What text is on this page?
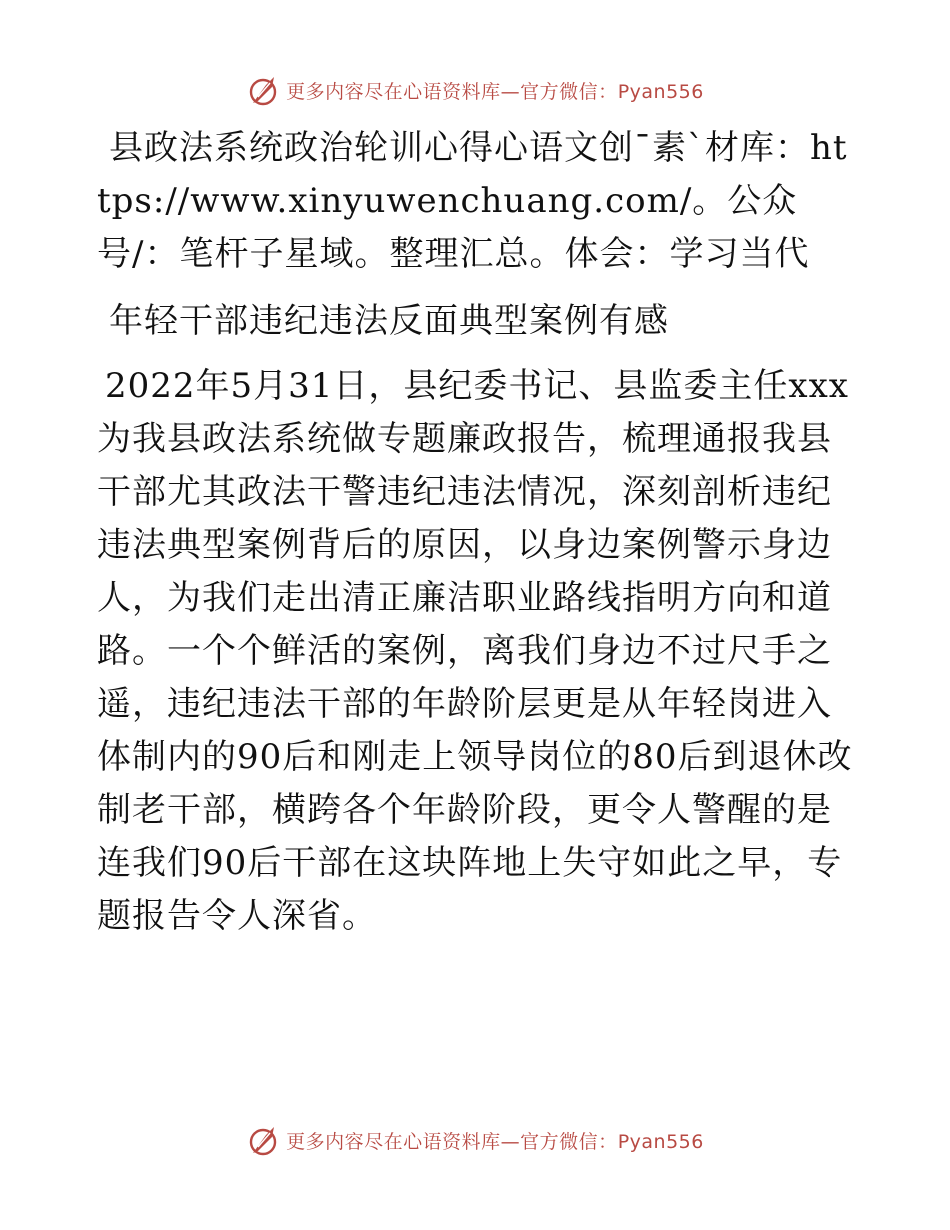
更多内容尽在心语资料库—官方微信：Pyan556

县政法系统政治轮训心得心语文创¯素`材库：https://www.xinyuwenchuang.com/。公众号/：笔杆子星域。整理汇总。体会：学习当代

年轻干部违纪违法反面典型案例有感

2022年5月31日，县纪委书记、县监委主任xxx为我县政法系统做专题廉政报告，梳理通报我县干部尤其政法干警违纪违法情况，深刻剖析违纪违法典型案例背后的原因，以身边案例警示身边人，为我们走出清正廉洁职业路线指明方向和道路。一个个鲜活的案例，离我们身边不过尺手之遥，违纪违法干部的年龄阶层更是从年轻岗进入体制内的90后和刚走上领导岗位的80后到退休改制老干部，横跨各个年龄阶段，更令人警醒的是连我们90后干部在这块阵地上失守如此之早，专题报告令人深省。

更多内容尽在心语资料库—官方微信：Pyan556
